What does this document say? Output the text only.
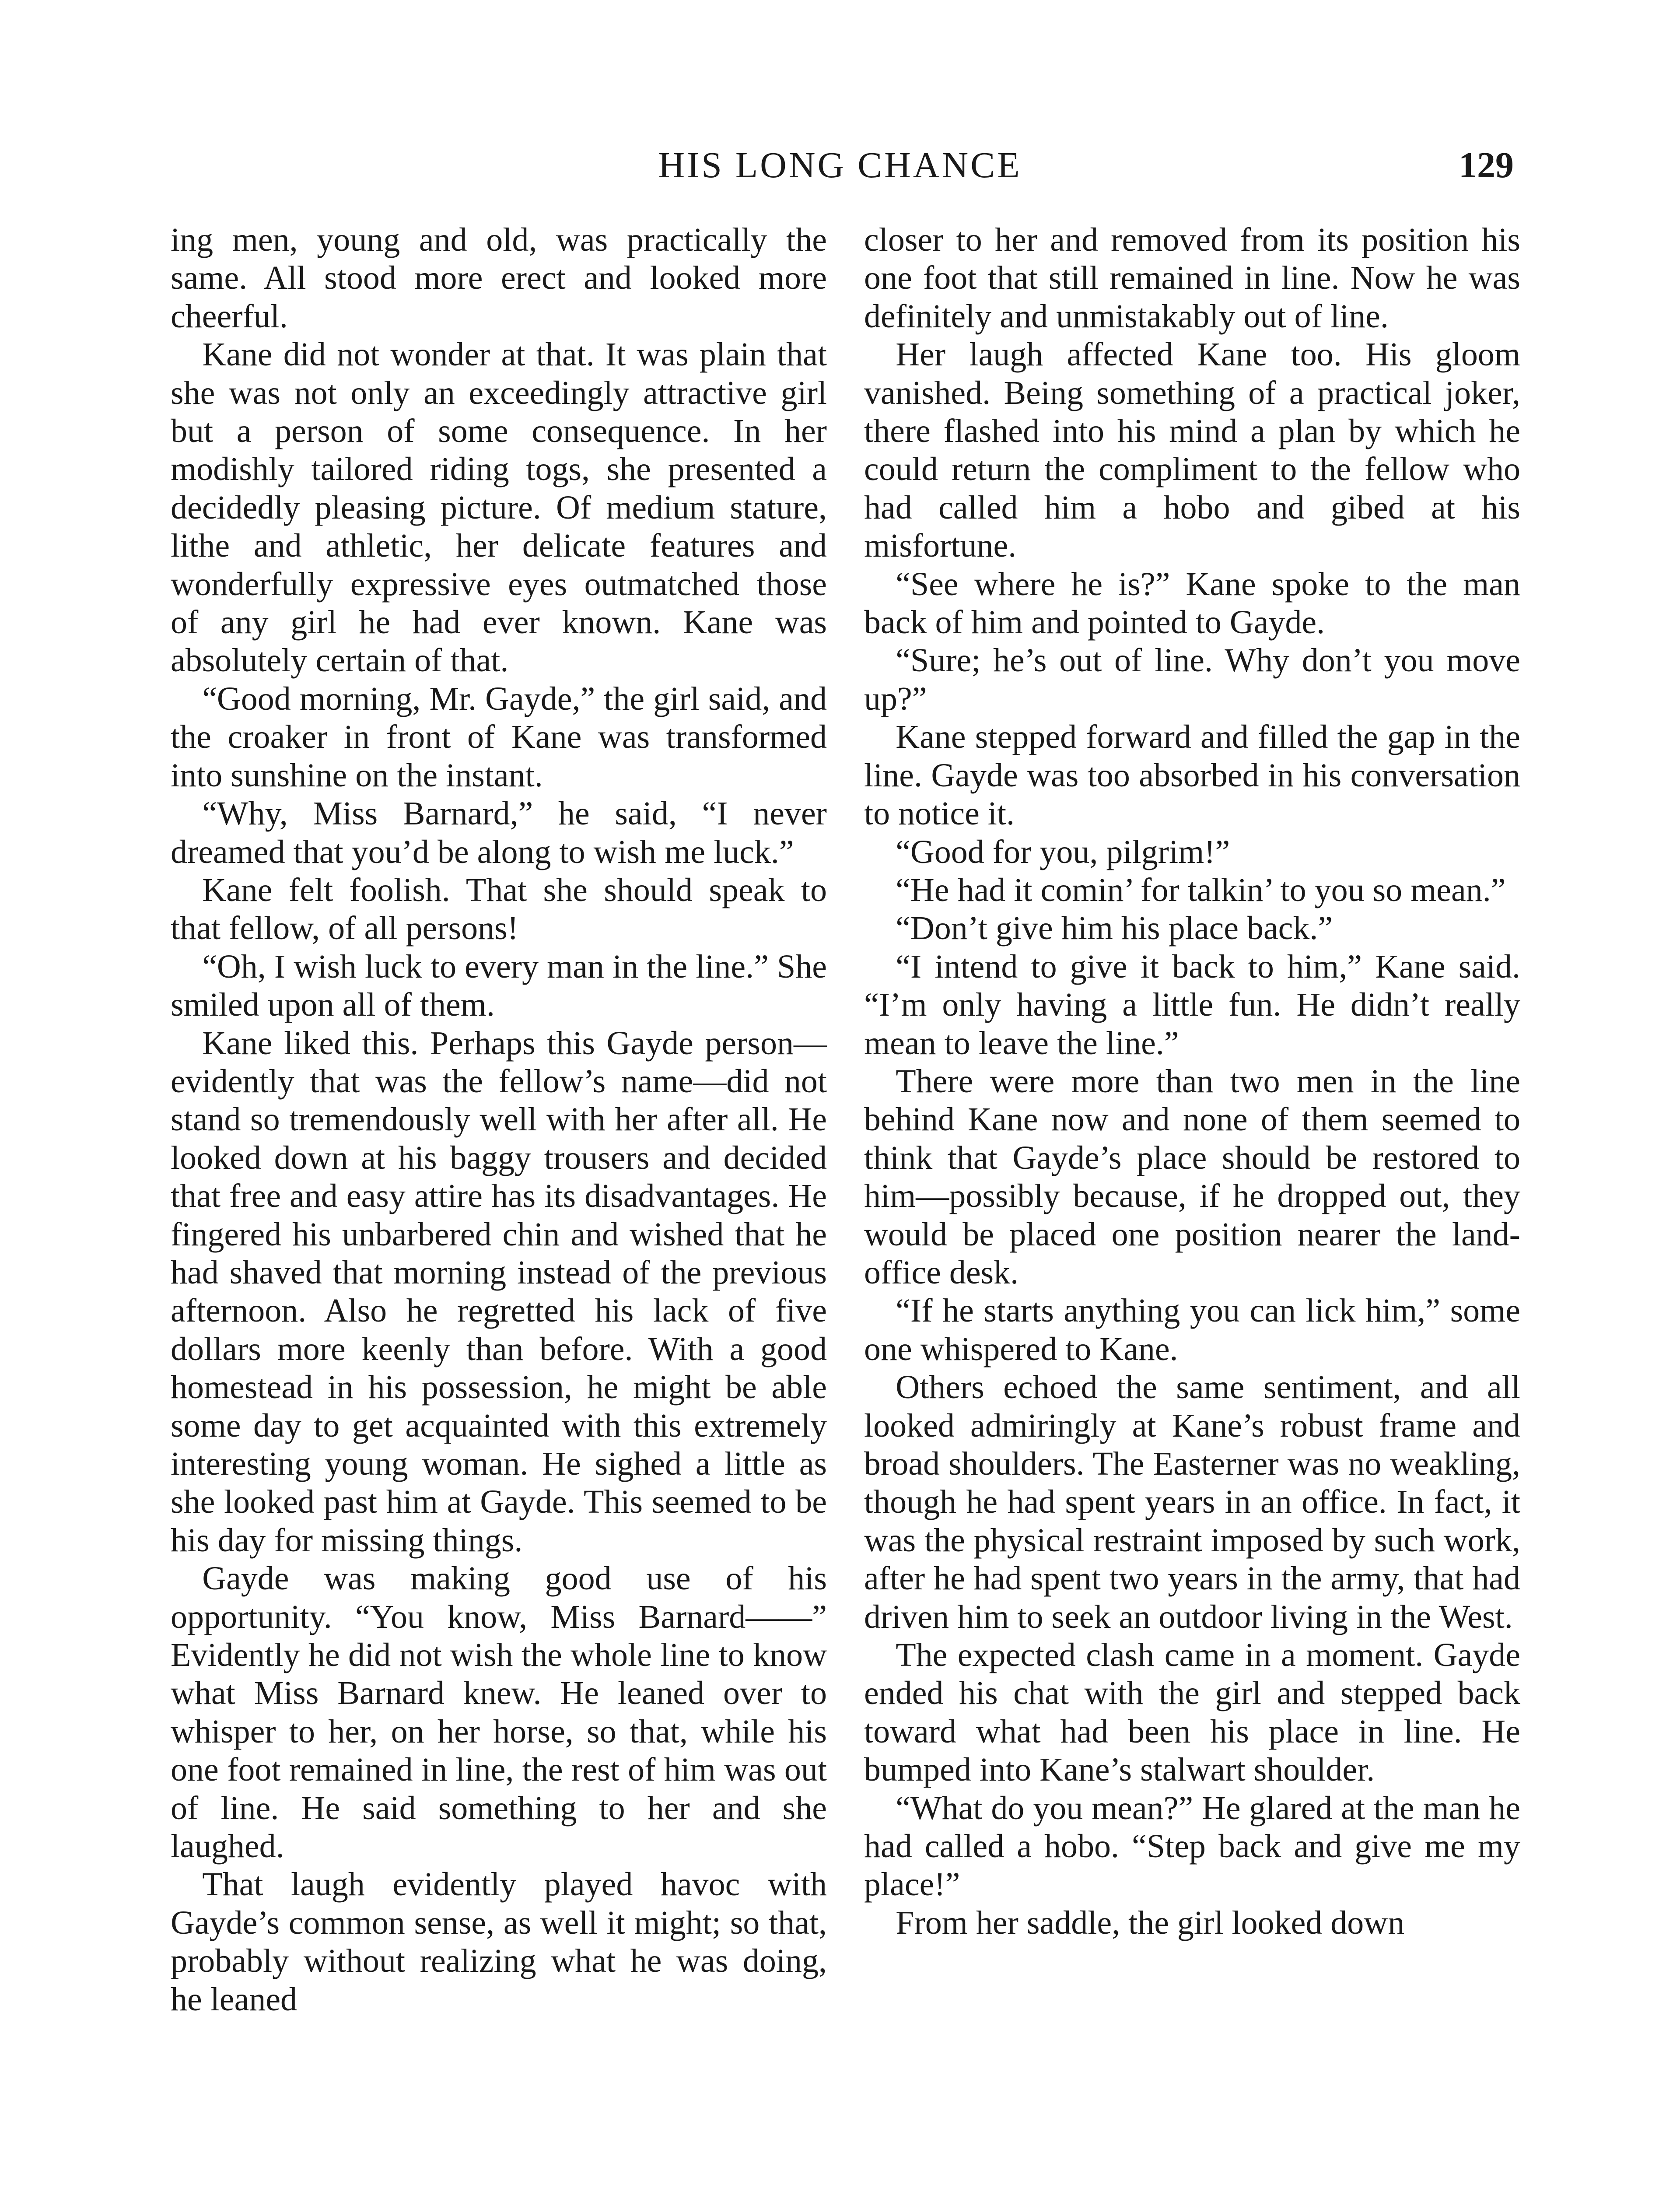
HIS LONG CHANCE	129

ing men, young and old, was practically the same. All stood more erect and looked more cheerful.

Kane did not wonder at that. It was plain that she was not only an exceedingly attractive girl but a person of some consequence. In her modishly tailored riding togs, she presented a decidedly pleasing picture. Of medium stature, lithe and athletic, her delicate features and wonderfully expressive eyes outmatched those of any girl he had ever known. Kane was absolutely certain of that.

“Good morning, Mr. Gayde,” the girl said, and the croaker in front of Kane was transformed into sunshine on the instant.

“Why, Miss Barnard,” he said, “I never dreamed that you’d be along to wish me luck.”

Kane felt foolish. That she should speak to that fellow, of all persons!

“Oh, I wish luck to every man in the line.” She smiled upon all of them.

Kane liked this. Perhaps this Gayde person—evidently that was the fellow’s name—did not stand so tremendously well with her after all. He looked down at his baggy trousers and decided that free and easy attire has its disadvantages. He fingered his unbarbered chin and wished that he had shaved that morning instead of the previous afternoon. Also he regretted his lack of five dollars more keenly than before. With a good homestead in his possession, he might be able some day to get acquainted with this extremely interesting young woman. He sighed a little as she looked past him at Gayde. This seemed to be his day for missing things.

Gayde was making good use of his opportunity. “You know, Miss Barnard——” Evidently he did not wish the whole line to know what Miss Barnard knew. He leaned over to whisper to her, on her horse, so that, while his one foot remained in line, the rest of him was out of line. He said something to her and she laughed.

That laugh evidently played havoc with Gayde’s common sense, as well it might; so that, probably without realizing what he was doing, he leaned

closer to her and removed from its position his one foot that still remained in line. Now he was definitely and unmistakably out of line.

Her laugh affected Kane too. His gloom vanished. Being something of a practical joker, there flashed into his mind a plan by which he could return the compliment to the fellow who had called him a hobo and gibed at his misfortune.

“See where he is?” Kane spoke to the man back of him and pointed to Gayde.

“Sure; he’s out of line. Why don’t you move up?”

Kane stepped forward and filled the gap in the line. Gayde was too absorbed in his conversation to notice it.

“Good for you, pilgrim!”

“He had it comin’ for talkin’ to you so mean.”

“Don’t give him his place back.”

“I intend to give it back to him,” Kane said. “I’m only having a little fun. He didn’t really mean to leave the line.”

There were more than two men in the line behind Kane now and none of them seemed to think that Gayde’s place should be restored to him—possibly because, if he dropped out, they would be placed one position nearer the land-office desk.

“If he starts anything you can lick him,” some one whispered to Kane.

Others echoed the same sentiment, and all looked admiringly at Kane’s robust frame and broad shoulders. The Easterner was no weakling, though he had spent years in an office. In fact, it was the physical restraint imposed by such work, after he had spent two years in the army, that had driven him to seek an outdoor living in the West.

The expected clash came in a moment. Gayde ended his chat with the girl and stepped back toward what had been his place in line. He bumped into Kane’s stalwart shoulder.

“What do you mean?” He glared at the man he had called a hobo. “Step back and give me my place!”

From her saddle, the girl looked down
